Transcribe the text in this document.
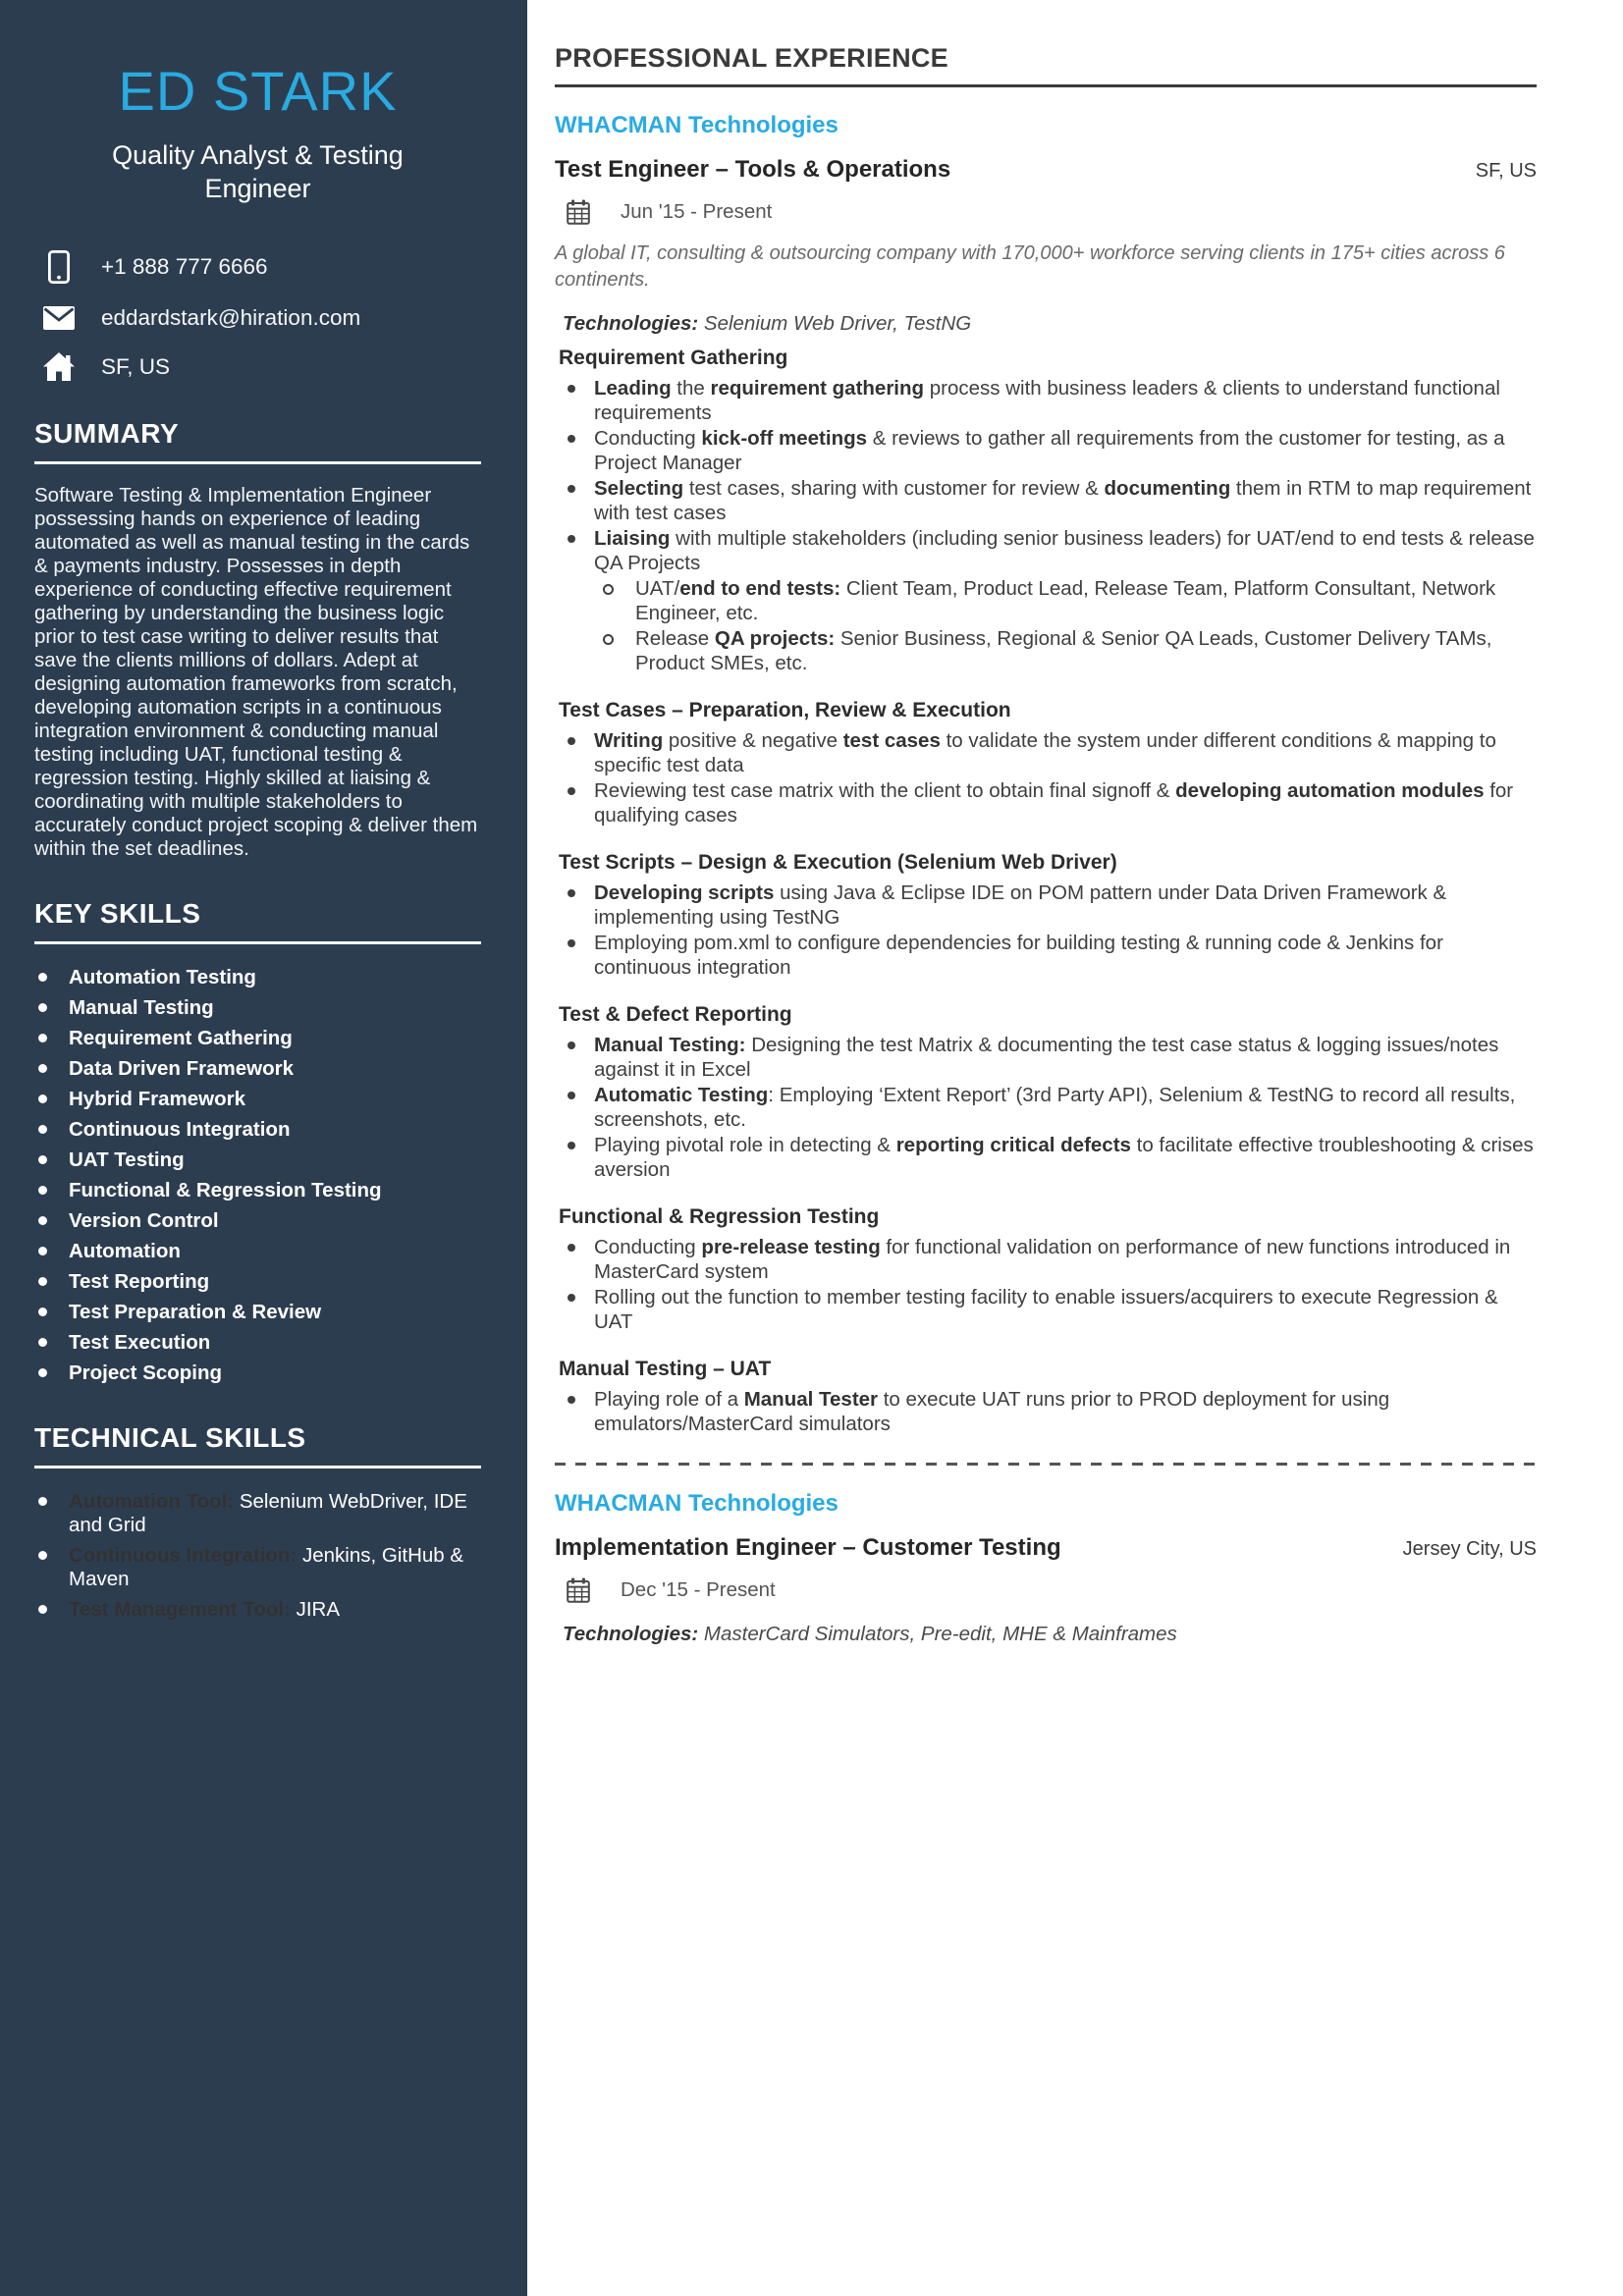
ED STARK
Quality Analyst & Testing Engineer
+1 888 777 6666
eddardstark@hiration.com
SF, US
SUMMARY

Software Testing & Implementation Engineer possessing hands on experience of leading automated as well as manual testing in the cards & payments industry. Possesses in depth experience of conducting effective requirement gathering by understanding the business logic prior to test case writing to deliver results that save the clients millions of dollars. Adept at designing automation frameworks from scratch, developing automation scripts in a continuous integration environment & conducting manual testing including UAT, functional testing & regression testing. Highly skilled at liaising & coordinating with multiple stakeholders to accurately conduct project scoping & deliver them within the set deadlines.

KEY SKILLS
Automation Testing
Manual Testing
Requirement Gathering
Data Driven Framework
Hybrid Framework
Continuous Integration
UAT Testing
Functional & Regression Testing
Version Control
Automation
Test Reporting
Test Preparation & Review
Test Execution
Project Scoping
TECHNICAL SKILLS
Automation Tool: Selenium WebDriver, IDE and Grid
Continuous Integration: Jenkins, GitHub & Maven
Test Management Tool: JIRA
PROFESSIONAL EXPERIENCE
WHACMAN Technologies
Test Engineer – Tools & Operations	SF, US
Jun '15 - Present

A global IT, consulting & outsourcing company with 170,000+ workforce serving clients in 175+ cities across 6 continents.

Technologies: Selenium Web Driver, TestNG

Requirement Gathering
Leading the requirement gathering process with business leaders & clients to understand functional requirements
Conducting kick-off meetings & reviews to gather all requirements from the customer for testing, as a Project Manager
Selecting test cases, sharing with customer for review & documenting them in RTM to map requirement with test cases
Liaising with multiple stakeholders (including senior business leaders) for UAT/end to end tests & release QA Projects
UAT/end to end tests: Client Team, Product Lead, Release Team, Platform Consultant, Network Engineer, etc.
Release QA projects: Senior Business, Regional & Senior QA Leads, Customer Delivery TAMs, Product SMEs, etc.
Test Cases – Preparation, Review & Execution
Writing positive & negative test cases to validate the system under different conditions & mapping to specific test data
Reviewing test case matrix with the client to obtain final signoff & developing automation modules for qualifying cases
Test Scripts – Design & Execution (Selenium Web Driver)
Developing scripts using Java & Eclipse IDE on POM pattern under Data Driven Framework & implementing using TestNG
Employing pom.xml to configure dependencies for building testing & running code & Jenkins for continuous integration
Test & Defect Reporting
Manual Testing: Designing the test Matrix & documenting the test case status & logging issues/notes against it in Excel
Automatic Testing: Employing ‘Extent Report’ (3rd Party API), Selenium & TestNG to record all results, screenshots, etc.
Playing pivotal role in detecting & reporting critical defects to facilitate effective troubleshooting & crises aversion
Functional & Regression Testing
Conducting pre-release testing for functional validation on performance of new functions introduced in MasterCard system
Rolling out the function to member testing facility to enable issuers/acquirers to execute Regression & UAT
Manual Testing – UAT
Playing role of a Manual Tester to execute UAT runs prior to PROD deployment for using emulators/MasterCard simulators
WHACMAN Technologies
Implementation Engineer – Customer Testing	Jersey City, US
Dec '15 - Present

Technologies: MasterCard Simulators, Pre-edit, MHE & Mainframes
